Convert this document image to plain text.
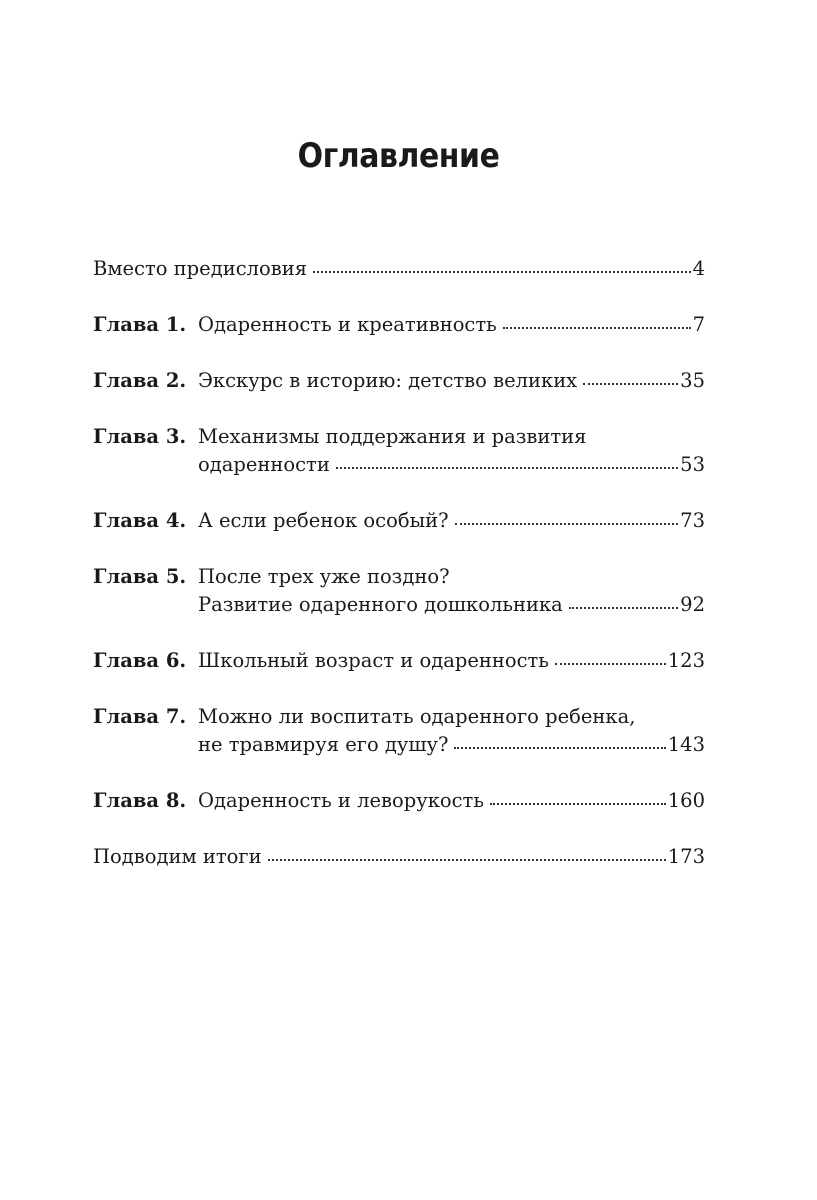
Оглавление
Вместо предисловия	4
Глава 1. Одаренность и креативность	7
Глава 2. Экскурс в историю: детство великих	35
Глава 3. Механизмы поддержания и развития
одаренности	53
Глава 4. А если ребенок особый?	73
Глава 5. После трех уже поздно?
Развитие одаренного дошкольника	92
Глава 6. Школьный возраст и одаренность	123
Глава 7. Можно ли воспитать одаренного ребенка,
не травмируя его душу?	143
Глава 8. Одаренность и леворукость	160
Подводим итоги	173
